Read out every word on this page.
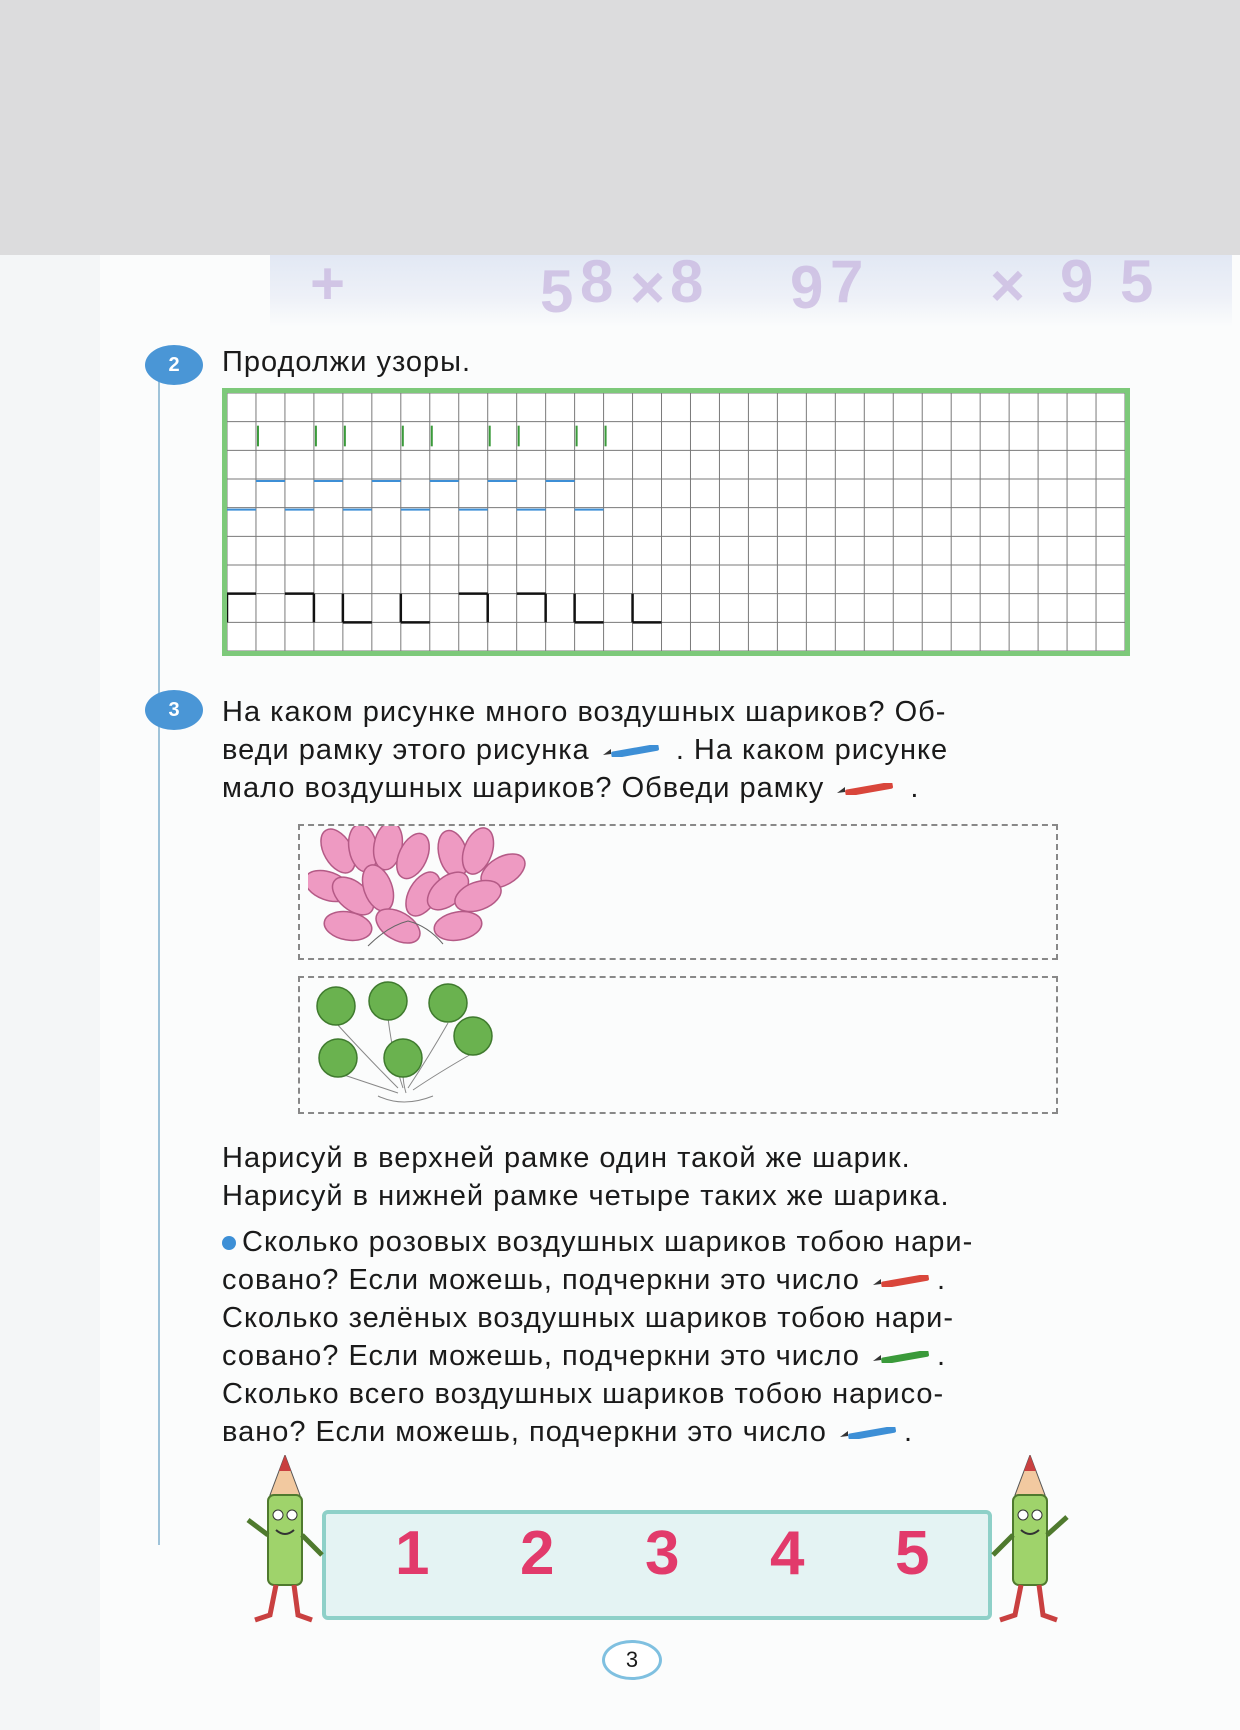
+	5 8 × 8 9 7 × 9 5
2 Продолжи узоры.
3 На каком рисунке много воздушных шариков? Об-
веди рамку этого рисунка	. На каком рисунке
мало воздушных шариков? Обведи рамку	.
Нарисуй в верхней рамке один такой же шарик.
Нарисуй в нижней рамке четыре таких же шарика.
Сколько розовых воздушных шариков тобою нари-
совано? Если можешь, подчеркни это число	.
Сколько зелёных воздушных шариков тобою нари-
совано? Если можешь, подчеркни это число	.
Сколько всего воздушных шариков тобою нарисо-
вано? Если можешь, подчеркни это число	.
1 2 3 4 5
3
